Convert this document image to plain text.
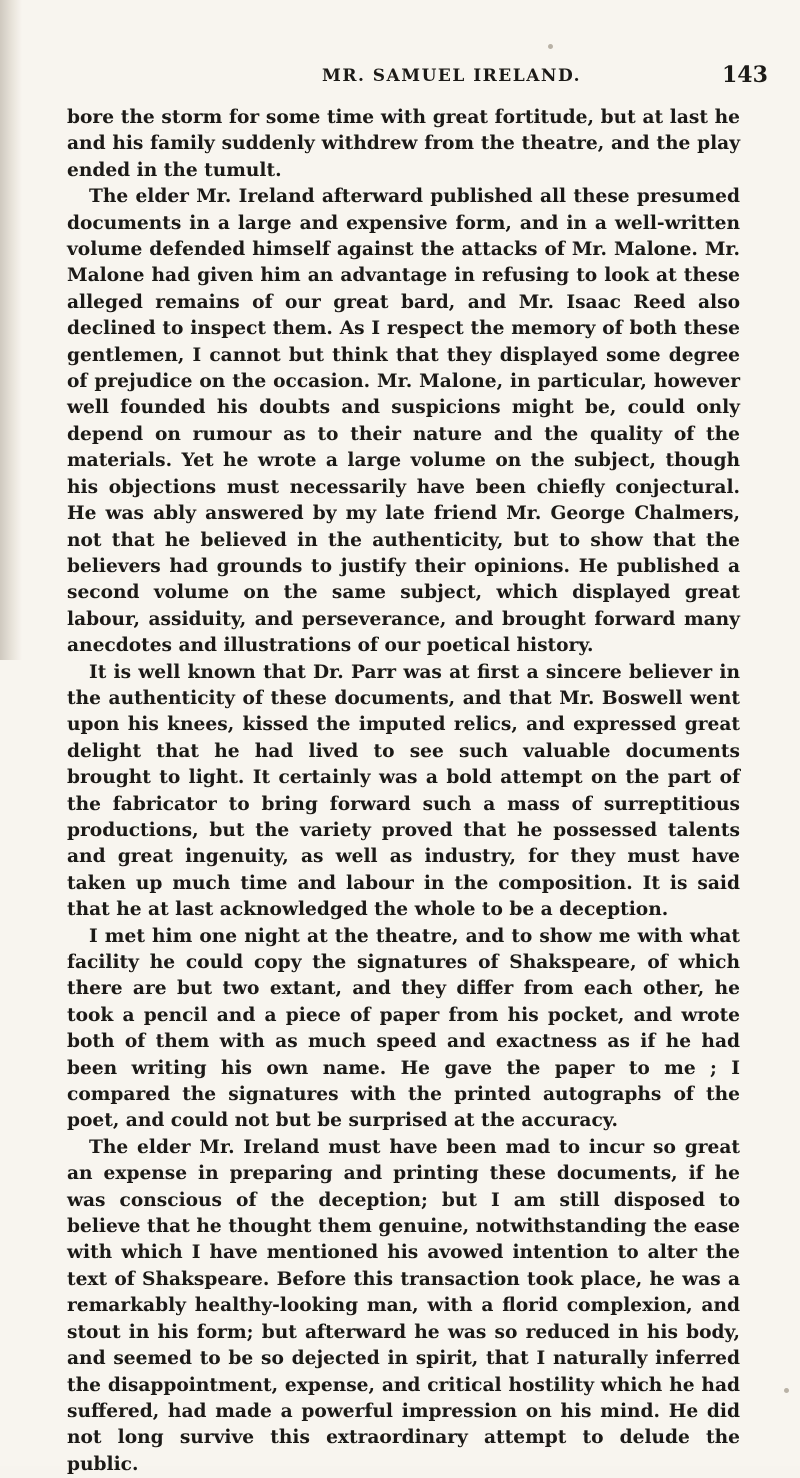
MR. SAMUEL IRELAND.	143

bore the storm for some time with great fortitude, but at last he and his family suddenly withdrew from the theatre, and the play ended in the tumult.

The elder Mr. Ireland afterward published all these presumed documents in a large and expensive form, and in a well-written volume defended himself against the attacks of Mr. Malone. Mr. Malone had given him an advantage in refusing to look at these alleged remains of our great bard, and Mr. Isaac Reed also declined to inspect them. As I respect the memory of both these gentlemen, I cannot but think that they displayed some degree of prejudice on the occasion. Mr. Malone, in particular, however well founded his doubts and suspicions might be, could only depend on rumour as to their nature and the quality of the materials. Yet he wrote a large volume on the subject, though his objections must necessarily have been chiefly conjectural. He was ably answered by my late friend Mr. George Chalmers, not that he believed in the authenticity, but to show that the believers had grounds to justify their opinions. He published a second volume on the same subject, which displayed great labour, assiduity, and perseverance, and brought forward many anecdotes and illustrations of our poetical history.

It is well known that Dr. Parr was at first a sincere believer in the authenticity of these documents, and that Mr. Boswell went upon his knees, kissed the imputed relics, and expressed great delight that he had lived to see such valuable documents brought to light. It certainly was a bold attempt on the part of the fabricator to bring forward such a mass of surreptitious productions, but the variety proved that he possessed talents and great ingenuity, as well as industry, for they must have taken up much time and labour in the composition. It is said that he at last acknowledged the whole to be a deception.

I met him one night at the theatre, and to show me with what facility he could copy the signatures of Shakspeare, of which there are but two extant, and they differ from each other, he took a pencil and a piece of paper from his pocket, and wrote both of them with as much speed and exactness as if he had been writing his own name. He gave the paper to me ; I compared the signatures with the printed autographs of the poet, and could not but be surprised at the accuracy.

The elder Mr. Ireland must have been mad to incur so great an expense in preparing and printing these documents, if he was conscious of the deception; but I am still disposed to believe that he thought them genuine, notwithstanding the ease with which I have mentioned his avowed intention to alter the text of Shakspeare. Before this transaction took place, he was a remarkably healthy-looking man, with a florid complexion, and stout in his form; but afterward he was so reduced in his body, and seemed to be so dejected in spirit, that I naturally inferred the disappointment, expense, and critical hostility which he had suffered, had made a powerful impression on his mind. He did not long survive this extraordinary attempt to delude the public.
